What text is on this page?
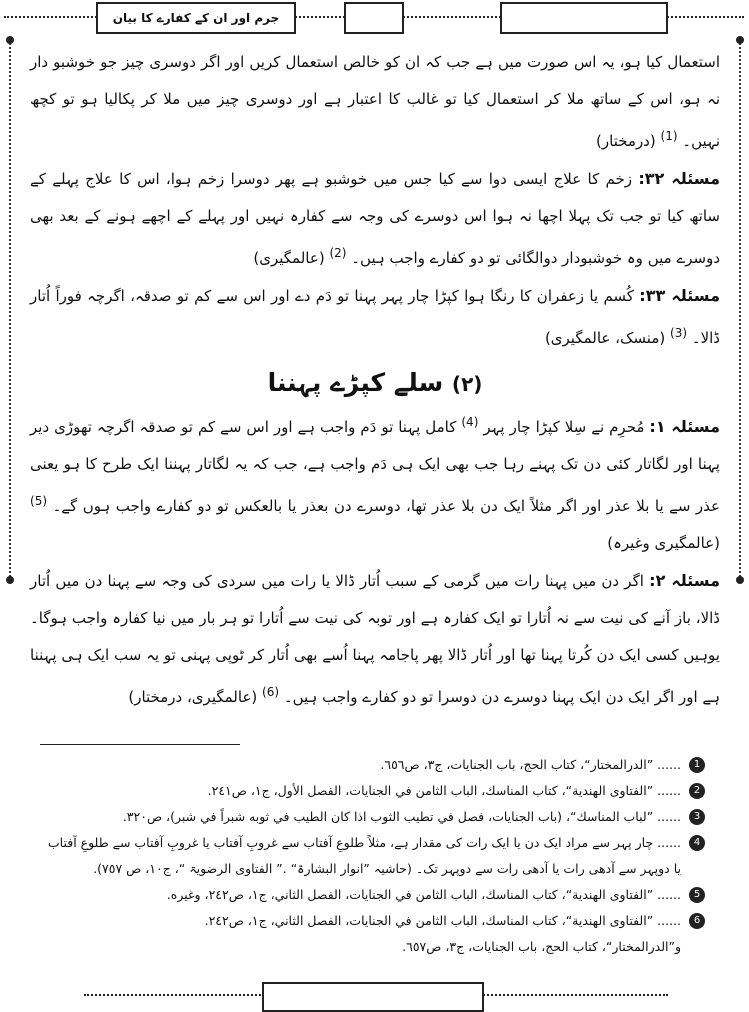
جرم اور ان کے کفارے کا بیان

استعمال کیا ہو، یہ اس صورت میں ہے جب کہ ان کو خالص استعمال کریں اور اگر دوسری چیز جو خوشبو دار نہ ہو، اس کے ساتھ ملا کر استعمال کیا تو غالب کا اعتبار ہے اور دوسری چیز میں ملا کر پکالیا ہو تو کچھ نہیں۔ $^{(1)}$ (درمختار)

مسئلہ ۳۲: زخم کا علاج ایسی دوا سے کیا جس میں خوشبو ہے پھر دوسرا زخم ہوا، اس کا علاج پہلے کے ساتھ کیا تو جب تک پہلا اچھا نہ ہوا اس دوسرے کی وجہ سے کفارہ نہیں اور پہلے کے اچھے ہونے کے بعد بھی دوسرے میں وہ خوشبودار دوالگائی تو دو کفارے واجب ہیں۔ $^{(2)}$ (عالمگیری)

مسئلہ ۳۳: کُسم یا زعفران کا رنگا ہوا کپڑا چار پہر پہنا تو دَم دے اور اس سے کم تو صدقہ، اگرچہ فوراً اُتار ڈالا۔ $^{(3)}$ (منسک، عالمگیری)

(۲) سلے کپڑے پہننا

مسئلہ ۱: مُحرِم نے سِلا کپڑا چار پہر $^{(4)}$ کامل پہنا تو دَم واجب ہے اور اس سے کم تو صدقہ اگرچہ تھوڑی دیر پہنا اور لگاتار کئی دن تک پہنے رہا جب بھی ایک ہی دَم واجب ہے، جب کہ یہ لگاتار پہننا ایک طرح کا ہو یعنی عذر سے یا بلا عذر اور اگر مثلاً ایک دن بلا عذر تھا، دوسرے دن بعذر یا بالعکس تو دو کفارے واجب ہوں گے۔ $^{(5)}$ (عالمگیری وغیرہ)

مسئلہ ۲: اگر دن میں پہنا رات میں گرمی کے سبب اُتار ڈالا یا رات میں سردی کی وجہ سے پہنا دن میں اُتار ڈالا، باز آنے کی نیت سے نہ اُتارا تو ایک کفارہ ہے اور توبہ کی نیت سے اُتارا تو ہر بار میں نیا کفارہ واجب ہوگا۔ یوہیں کسی ایک دن کُرتا پہنا تھا اور اُتار ڈالا پھر پاجامہ پہنا اُسے بھی اُتار کر ٹوپی پہنی تو یہ سب ایک ہی پہننا ہے اور اگر ایک دن ایک پہنا دوسرے دن دوسرا تو دو کفارے واجب ہیں۔ $^{(6)}$ (عالمگیری، درمختار)

1
...... ”الدرالمختار“، کتاب الحج، باب الجنایات، ج۳، ص٦٥٦.
2
...... ”الفتاوی الهندية“، کتاب المناسك، الباب الثامن في الجنايات، الفصل الأول، ج١، ص٢٤١.
3
...... ”لباب المناسك“، (باب الجنايات، فصل في تطيب الثوب اذا كان الطيب في ثوبه شبراً في شبر)، ص٣٢٠.
4
...... چار پہر سے مراد ایک دن یا ایک رات کی مقدار ہے، مثلاً طلوعِ آفتاب سے غروبِ آفتاب یا غروبِ آفتاب سے طلوعِ آفتاب یا دوپہر سے آدھی رات یا آدھی رات سے دوپہر تک۔ (حاشیہ ”انوار البشارۃ“ .” الفتاوی الرضویۃ “، ج١٠، ص ٧٥٧).
5
...... ”الفتاوی الهندية“، کتاب المناسك، الباب الثامن في الجنايات، الفصل الثاني، ج١، ص٢٤٢، وغيره.
6
...... ”الفتاوی الهندية“، کتاب المناسك، الباب الثامن في الجنايات، الفصل الثاني، ج١، ص٢٤٢.
و”الدرالمختار“، کتاب الحج، باب الجنایات، ج۳، ص٦٥٧.
